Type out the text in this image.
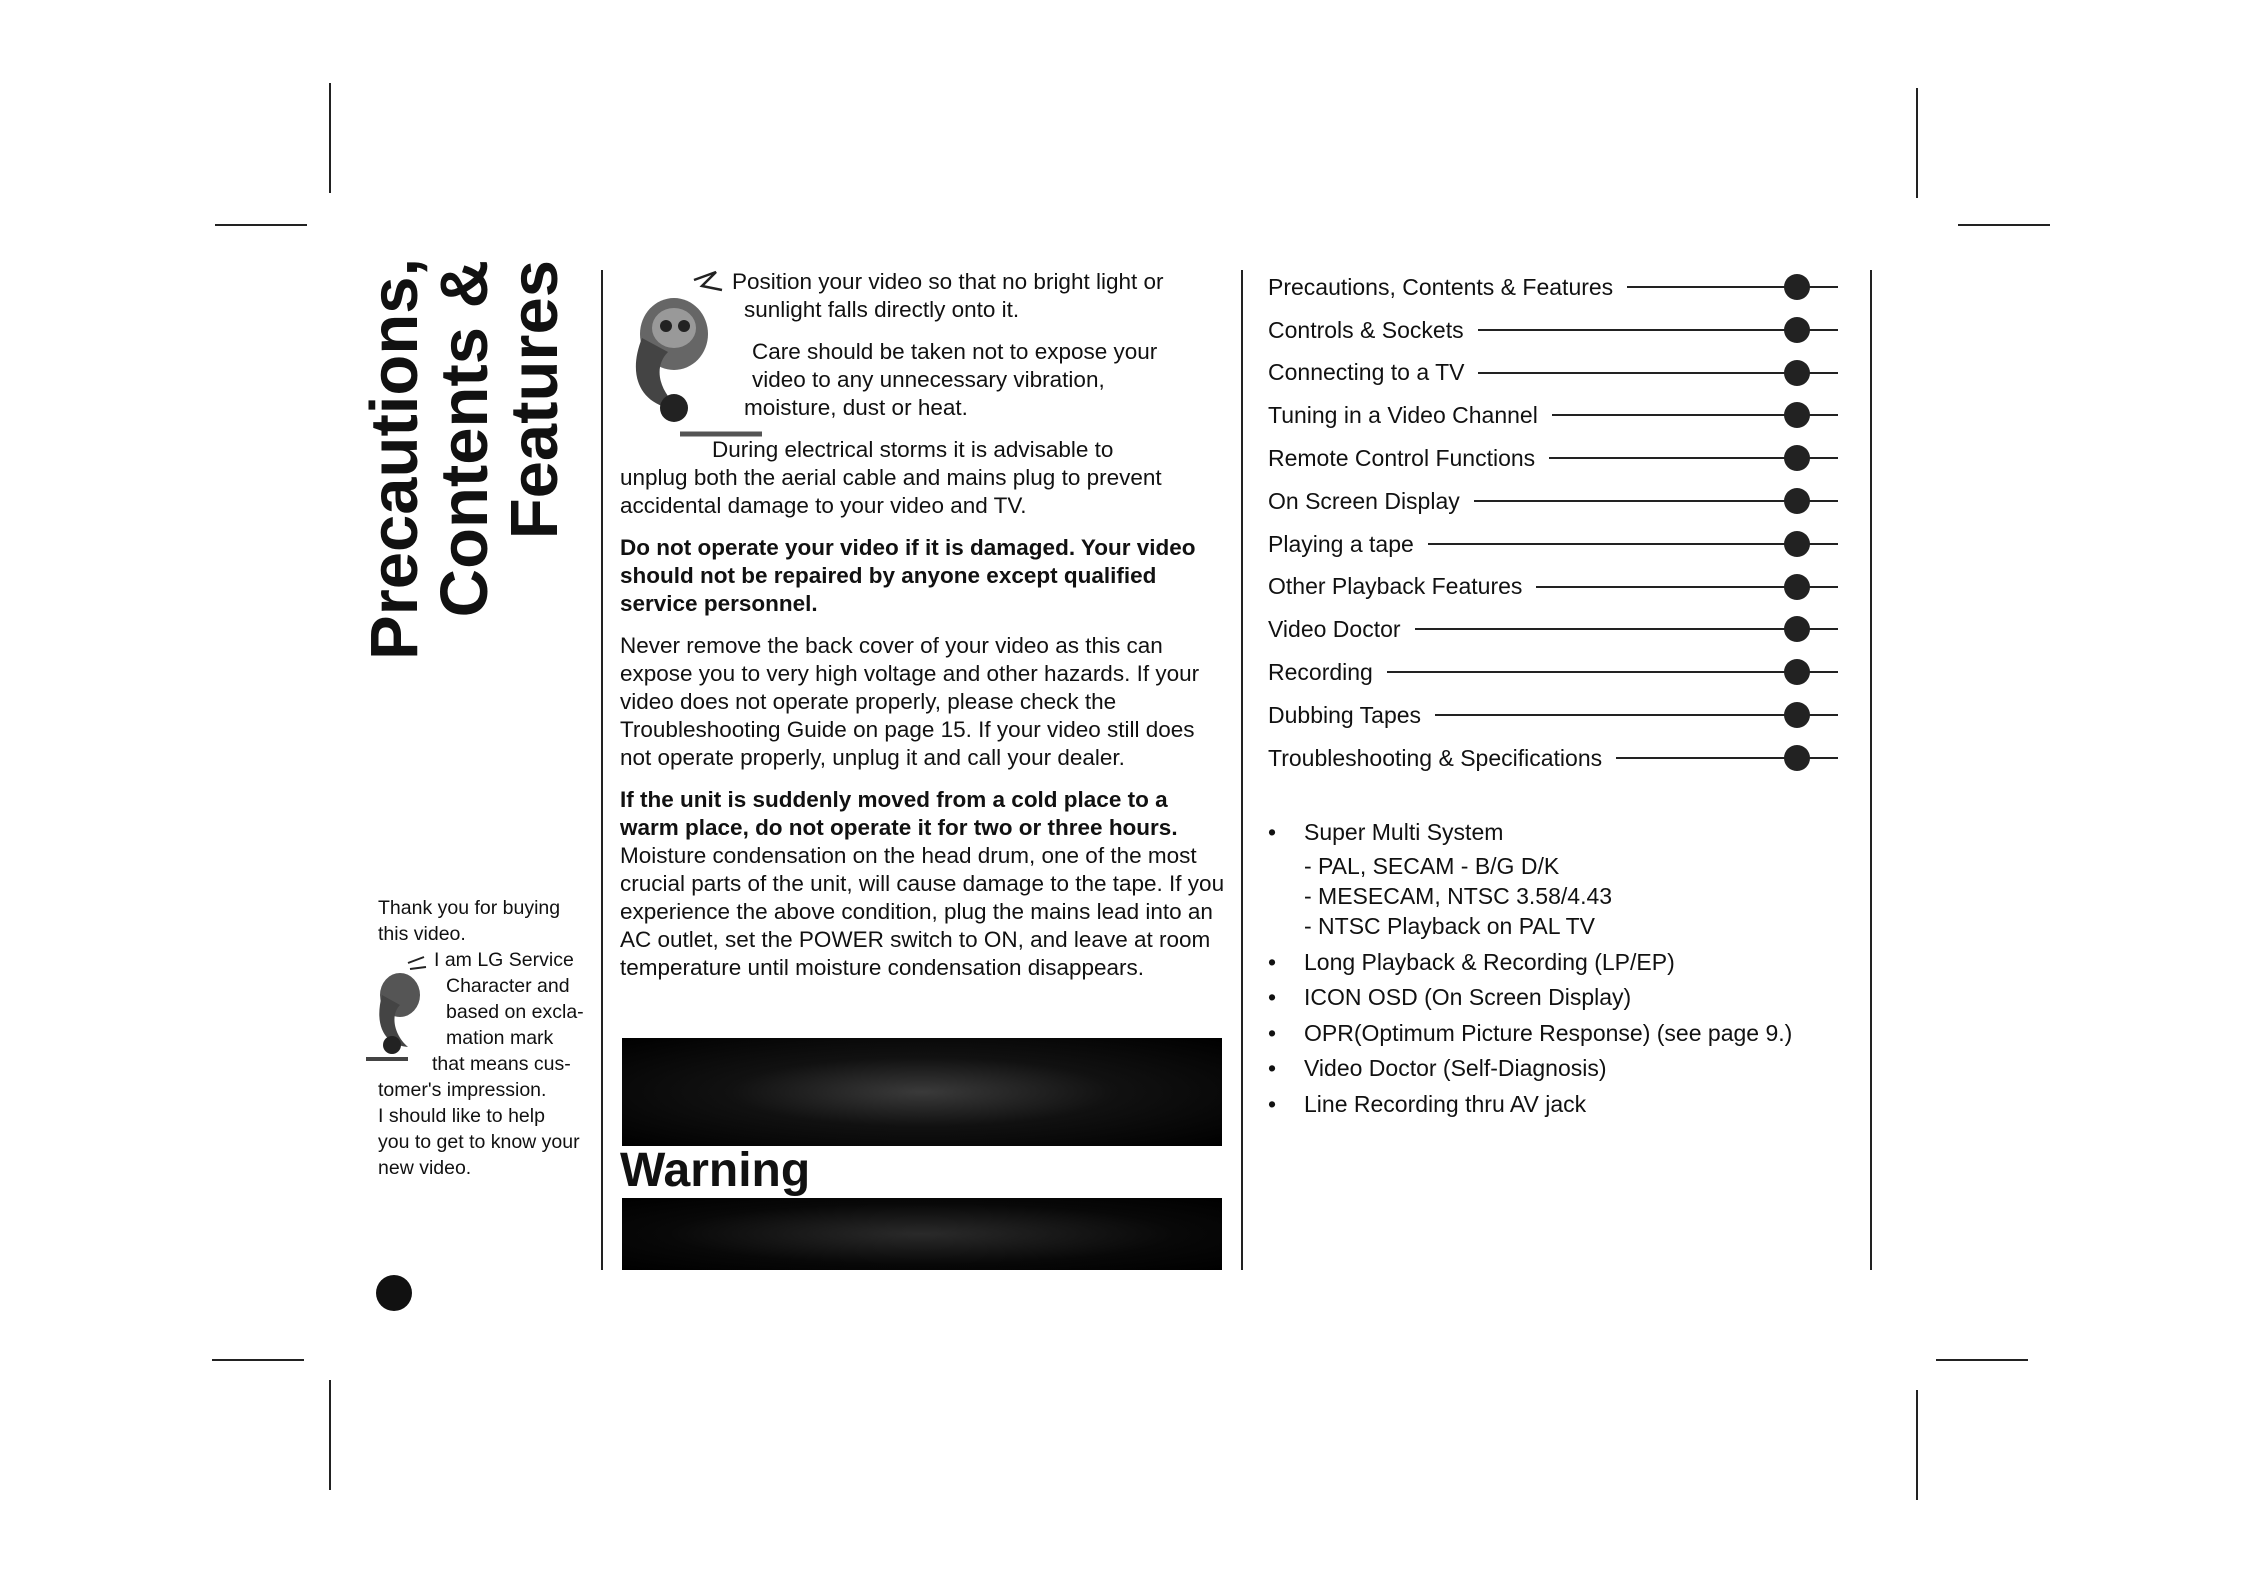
Precautions,
Contents &
Features

Thank you for buying

this video.

I am LG Service

Character and

based on excla-

mation mark

that means cus-

tomer's impression.

I should like to help

you to get to know your

new video.

Position your video so that no bright light or
sunlight falls directly onto it.
Care should be taken not to expose your
video to any unnecessary vibration,
moisture, dust or heat.
During electrical storms it is advisable to
unplug both the aerial cable and mains plug to prevent accidental damage to your video and TV.

Do not operate your video if it is damaged. Your video should not be repaired by anyone except qualified service personnel.

Never remove the back cover of your video as this can expose you to very high voltage and other hazards. If your video does not operate properly, please check the Troubleshooting Guide on page 15. If your video still does not operate properly, unplug it and call your dealer.

If the unit is suddenly moved from a cold place to a warm place, do not operate it for two or three hours. Moisture condensation on the head drum, one of the most crucial parts of the unit, will cause damage to the tape. If you experience the above condition, plug the mains lead into an AC outlet, set the POWER switch to ON, and leave at room temperature until moisture condensation disappears.
Warning
Precautions, Contents & Features
Controls & Sockets
Connecting to a TV
Tuning in a Video Channel
Remote Control Functions
On Screen Display
Playing a tape
Other Playback Features
Video Doctor
Recording
Dubbing Tapes
Troubleshooting & Specifications
•	Super Multi System
- PAL, SECAM - B/G D/K
- MESECAM, NTSC 3.58/4.43
- NTSC Playback on PAL TV
•	Long Playback & Recording (LP/EP)
•	ICON OSD (On Screen Display)
•	OPR(Optimum Picture Response) (see page 9.)
•	Video Doctor (Self-Diagnosis)
•	Line Recording thru AV jack
